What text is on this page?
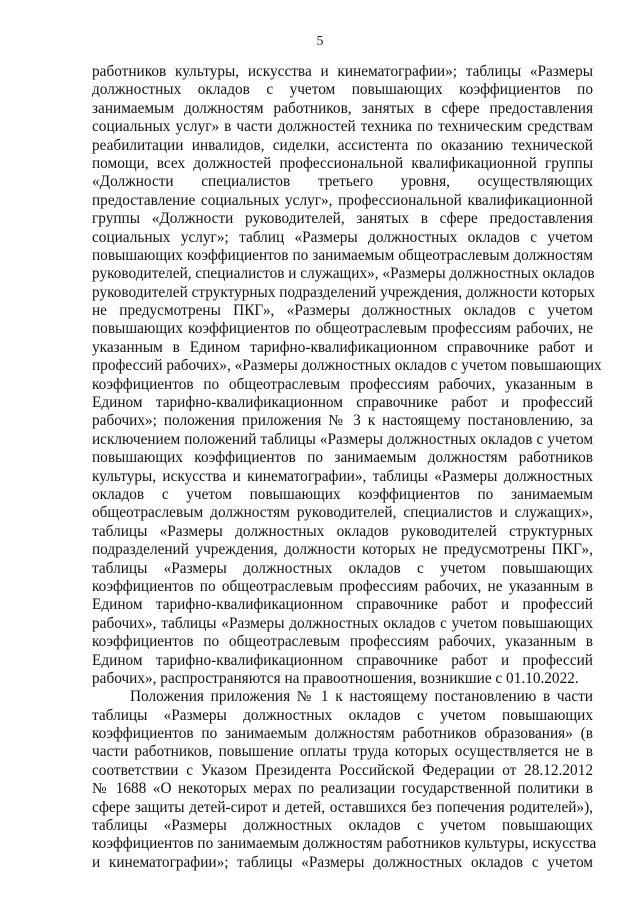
5
работников культуры, искусства и кинематографии»; таблицы «Размеры
должностных окладов с учетом повышающих коэффициентов по
занимаемым должностям работников, занятых в сфере предоставления
социальных услуг» в части должностей техника по техническим средствам
реабилитации инвалидов, сиделки, ассистента по оказанию технической
помощи, всех должностей профессиональной квалификационной группы
«Должности специалистов третьего уровня, осуществляющих
предоставление социальных услуг», профессиональной квалификационной
группы «Должности руководителей, занятых в сфере предоставления
социальных услуг»; таблиц «Размеры должностных окладов с учетом
повышающих коэффициентов по занимаемым общеотраслевым должностям
руководителей, специалистов и служащих», «Размеры должностных окладов
руководителей структурных подразделений учреждения, должности которых
не предусмотрены ПКГ», «Размеры должностных окладов с учетом
повышающих коэффициентов по общеотраслевым профессиям рабочих, не
указанным в Едином тарифно-квалификационном справочнике работ и
профессий рабочих», «Размеры должностных окладов с учетом повышающих
коэффициентов по общеотраслевым профессиям рабочих, указанным в
Едином тарифно-квалификационном справочнике работ и профессий
рабочих»; положения приложения № 3 к настоящему постановлению, за
исключением положений таблицы «Размеры должностных окладов с учетом
повышающих коэффициентов по занимаемым должностям работников
культуры, искусства и кинематографии», таблицы «Размеры должностных
окладов с учетом повышающих коэффициентов по занимаемым
общеотраслевым должностям руководителей, специалистов и служащих»,
таблицы «Размеры должностных окладов руководителей структурных
подразделений учреждения, должности которых не предусмотрены ПКГ»,
таблицы «Размеры должностных окладов с учетом повышающих
коэффициентов по общеотраслевым профессиям рабочих, не указанным в
Едином тарифно-квалификационном справочнике работ и профессий
рабочих», таблицы «Размеры должностных окладов с учетом повышающих
коэффициентов по общеотраслевым профессиям рабочих, указанным в
Едином тарифно-квалификационном справочнике работ и профессий
рабочих», распространяются на правоотношения, возникшие с 01.10.2022.
Положения приложения № 1 к настоящему постановлению в части
таблицы «Размеры должностных окладов с учетом повышающих
коэффициентов по занимаемым должностям работников образования» (в
части работников, повышение оплаты труда которых осуществляется не в
соответствии с Указом Президента Российской Федерации от 28.12.2012
№ 1688 «О некоторых мерах по реализации государственной политики в
сфере защиты детей-сирот и детей, оставшихся без попечения родителей»),
таблицы «Размеры должностных окладов с учетом повышающих
коэффициентов по занимаемым должностям работников культуры, искусства
и кинематографии»; таблицы «Размеры должностных окладов с учетом
